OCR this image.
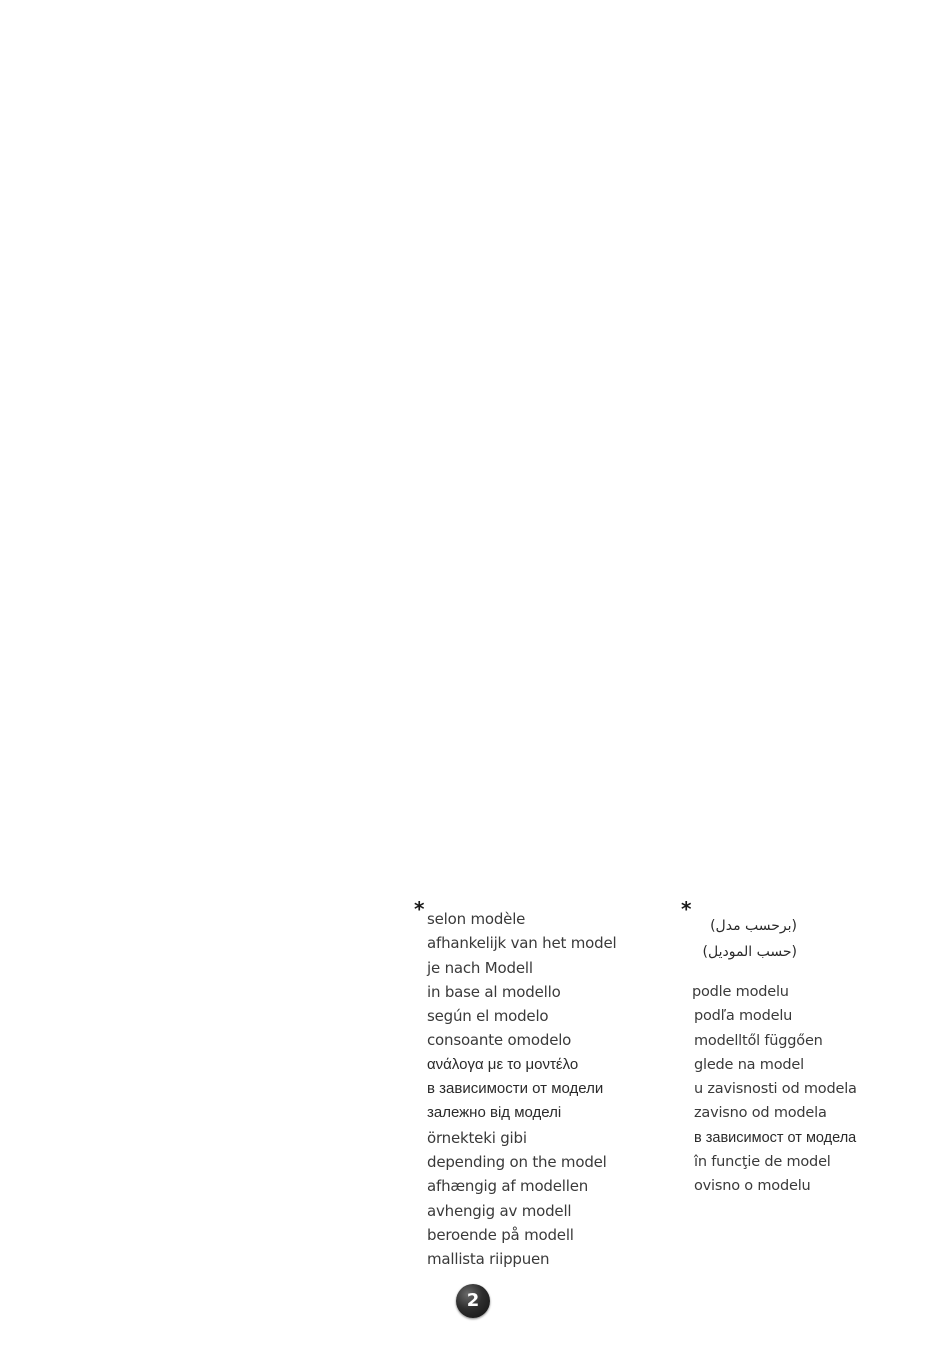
* selon modèle
afhankelijk van het model
je nach Modell
in base al modello
según el modelo
consoante omodelo
ανάλογα με το μοντέλο
в зависимости от модели
залежно від моделі
örnekteki gibi
depending on the model
afhængig af modellen
avhengig av modell
beroende på modell
mallista riippuen
*
(برحسب مدل)
(حسب الموديل)
podle modelu
podľa modelu
modelltől függően
glede na model
u zavisnosti od modela
zavisno od modela
в зависимост от модела
în funcţie de model
ovisno o modelu
2
